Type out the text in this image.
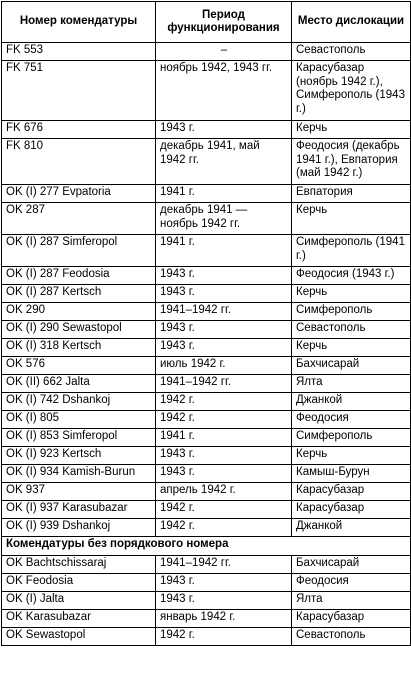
Номер комендатуры	Период функционирования	Место дислокации
FK 553	–	Севастополь
FK 751	ноябрь 1942, 1943 гг.	Карасубазар (ноябрь 1942 г.), Симферополь (1943 г.)
FK 676	1943 г.	Керчь
FK 810	декабрь 1941, май 1942 гг.	Феодосия (декабрь 1941 г.), Евпатория (май 1942 г.)
OK (I) 277 Evpatoria	1941 г.	Евпатория
OK 287	декабрь 1941 — ноябрь 1942 гг.	Керчь
OK (I) 287 Simferopol	1941 г.	Симферополь (1941 г.)
OK (I) 287 Feodosia	1943 г.	Феодосия (1943 г.)
OK (I) 287 Kertsch	1943 г.	Керчь
OK 290	1941–1942 гг.	Симферополь
OK (I) 290 Sewastopol	1943 г.	Севастополь
OK (I) 318 Kertsch	1943 г.	Керчь
OK 576	июль 1942 г.	Бахчисарай
OK (II) 662 Jalta	1941–1942 гг.	Ялта
OK (I) 742 Dshankoj	1942 г.	Джанкой
OK (I) 805	1942 г.	Феодосия
OK (I) 853 Simferopol	1941 г.	Симферополь
OK (I) 923 Kertsch	1943 г.	Керчь
OK (I) 934 Kamish-Burun	1943 г.	Камыш-Бурун
OK 937	апрель 1942 г.	Карасубазар
OK (I) 937 Karasubazar	1942 г.	Карасубазар
OK (I) 939 Dshankoj	1942 г.	Джанкой
Комендатуры без порядкового номера		
OK Bachtschissaraj	1941–1942 гг.	Бахчисарай
OK Feodosia	1943 г.	Феодосия
OK (I) Jalta	1943 г.	Ялта
OK Karasubazar	январь 1942 г.	Карасубазар
OK Sewastopol	1942 г.	Севастополь
